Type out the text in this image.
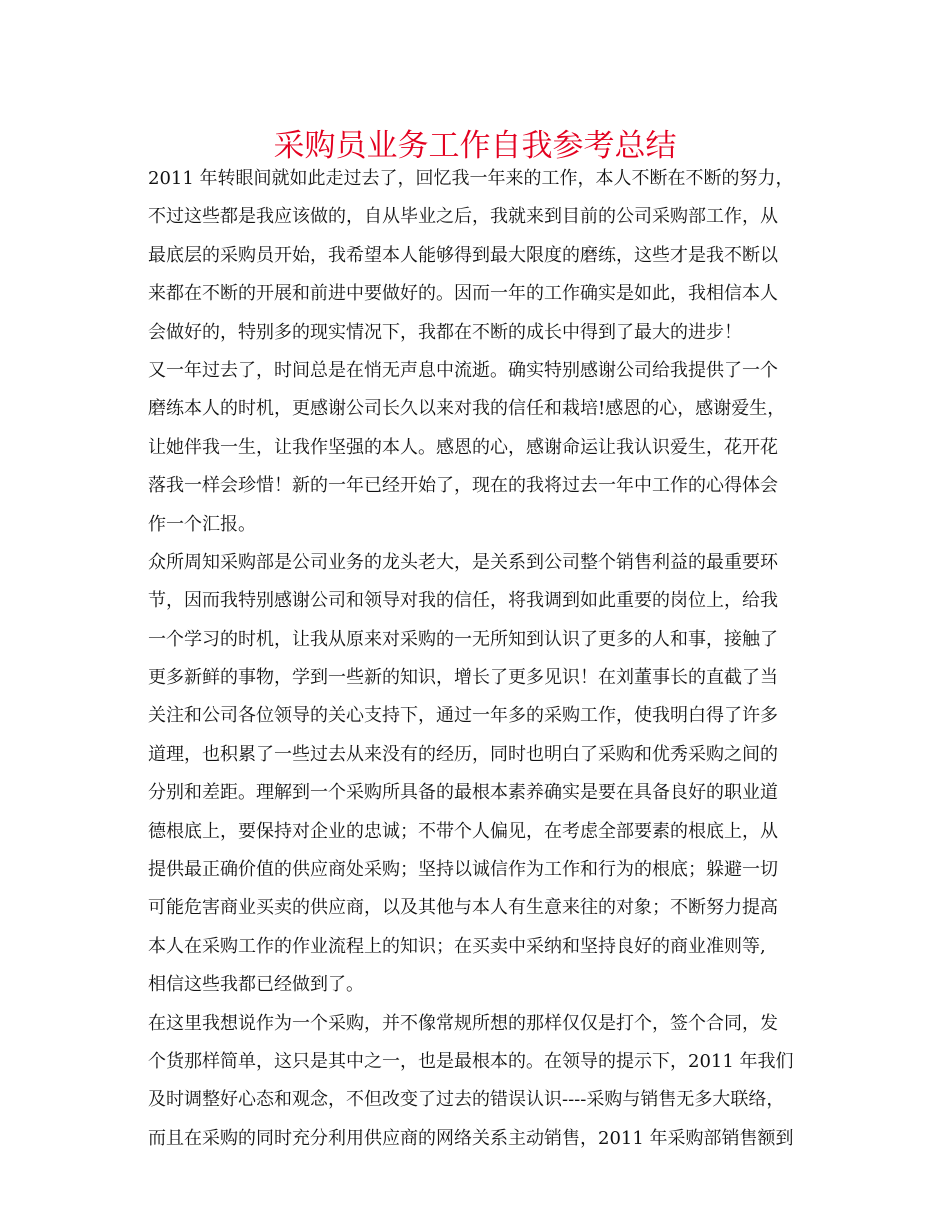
采购员业务工作自我参考总结
2011 年转眼间就如此走过去了，回忆我一年来的工作，本人不断在不断的努力，
不过这些都是我应该做的，自从毕业之后，我就来到目前的公司采购部工作，从
最底层的采购员开始，我希望本人能够得到最大限度的磨练，这些才是我不断以
来都在不断的开展和前进中要做好的。因而一年的工作确实是如此，我相信本人
会做好的，特别多的现实情况下，我都在不断的成长中得到了最大的进步！
又一年过去了，时间总是在悄无声息中流逝。确实特别感谢公司给我提供了一个
磨练本人的时机，更感谢公司长久以来对我的信任和栽培!感恩的心，感谢爱生，
让她伴我一生，让我作坚强的本人。感恩的心，感谢命运让我认识爱生，花开花
落我一样会珍惜！新的一年已经开始了，现在的我将过去一年中工作的心得体会
作一个汇报。
众所周知采购部是公司业务的龙头老大，是关系到公司整个销售利益的最重要环
节，因而我特别感谢公司和领导对我的信任，将我调到如此重要的岗位上，给我
一个学习的时机，让我从原来对采购的一无所知到认识了更多的人和事，接触了
更多新鲜的事物，学到一些新的知识，增长了更多见识！在刘董事长的直截了当
关注和公司各位领导的关心支持下，通过一年多的采购工作，使我明白得了许多
道理，也积累了一些过去从来没有的经历，同时也明白了采购和优秀采购之间的
分别和差距。理解到一个采购所具备的最根本素养确实是要在具备良好的职业道
德根底上，要保持对企业的忠诚；不带个人偏见，在考虑全部要素的根底上，从
提供最正确价值的供应商处采购；坚持以诚信作为工作和行为的根底；躲避一切
可能危害商业买卖的供应商，以及其他与本人有生意来往的对象；不断努力提高
本人在采购工作的作业流程上的知识；在买卖中采纳和坚持良好的商业准则等,
相信这些我都已经做到了。
在这里我想说作为一个采购，并不像常规所想的那样仅仅是打个，签个合同，发
个货那样简单，这只是其中之一，也是最根本的。在领导的提示下，2011 年我们
及时调整好心态和观念，不但改变了过去的错误认识----采购与销售无多大联络，
而且在采购的同时充分利用供应商的网络关系主动销售，2011 年采购部销售额到
